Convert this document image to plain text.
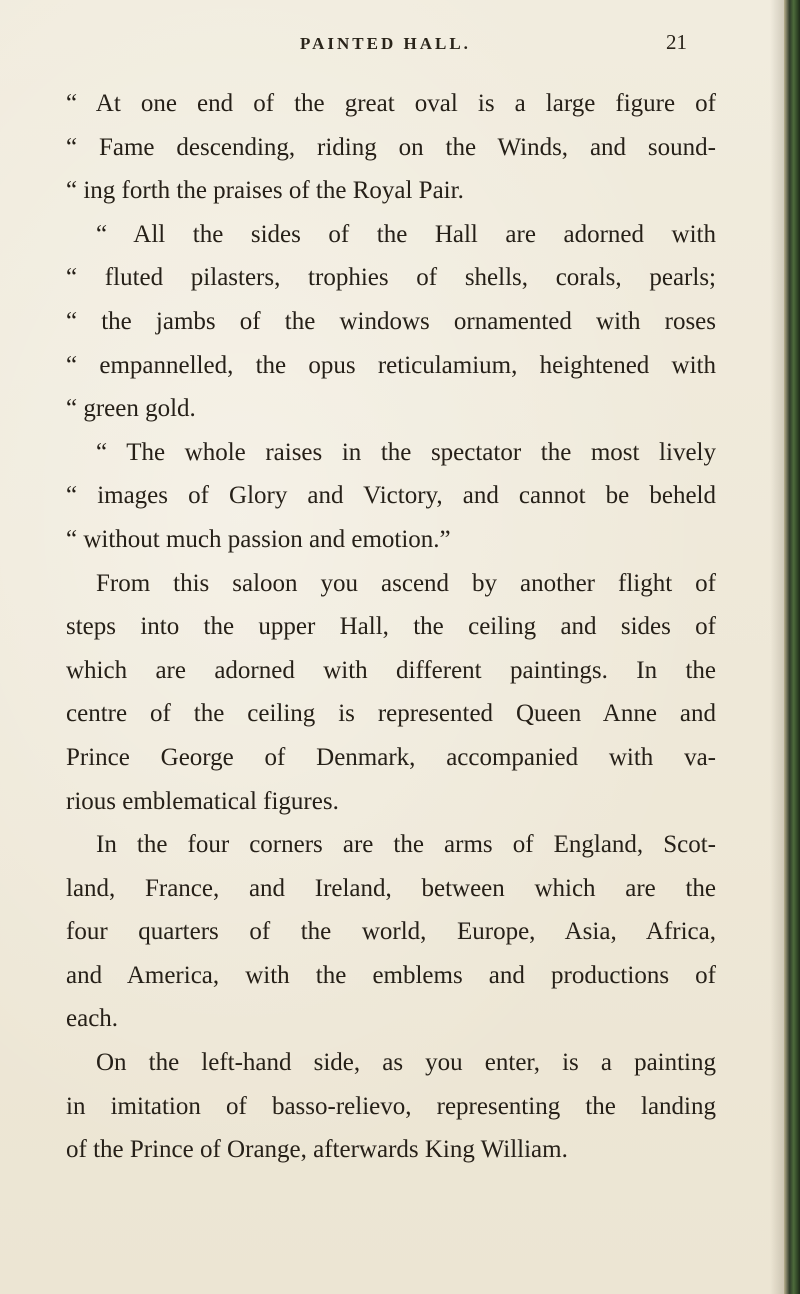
PAINTED HALL.	21
“ At one end of the great oval is a large figure of
“ Fame descending, riding on the Winds, and sound-
“ ing forth the praises of the Royal Pair.
“ All the sides of the Hall are adorned with
“ fluted pilasters, trophies of shells, corals, pearls;
“ the jambs of the windows ornamented with roses
“ empannelled, the opus reticulamium, heightened with
“ green gold.
“ The whole raises in the spectator the most lively
“ images of Glory and Victory, and cannot be beheld
“ without much passion and emotion.”
From this saloon you ascend by another flight of
steps into the upper Hall, the ceiling and sides of
which are adorned with different paintings. In the
centre of the ceiling is represented Queen Anne and
Prince George of Denmark, accompanied with va-
rious emblematical figures.
In the four corners are the arms of England, Scot-
land, France, and Ireland, between which are the
four quarters of the world, Europe, Asia, Africa,
and America, with the emblems and productions of
each.
On the left-hand side, as you enter, is a painting
in imitation of basso-relievo, representing the landing
of the Prince of Orange, afterwards King William.
